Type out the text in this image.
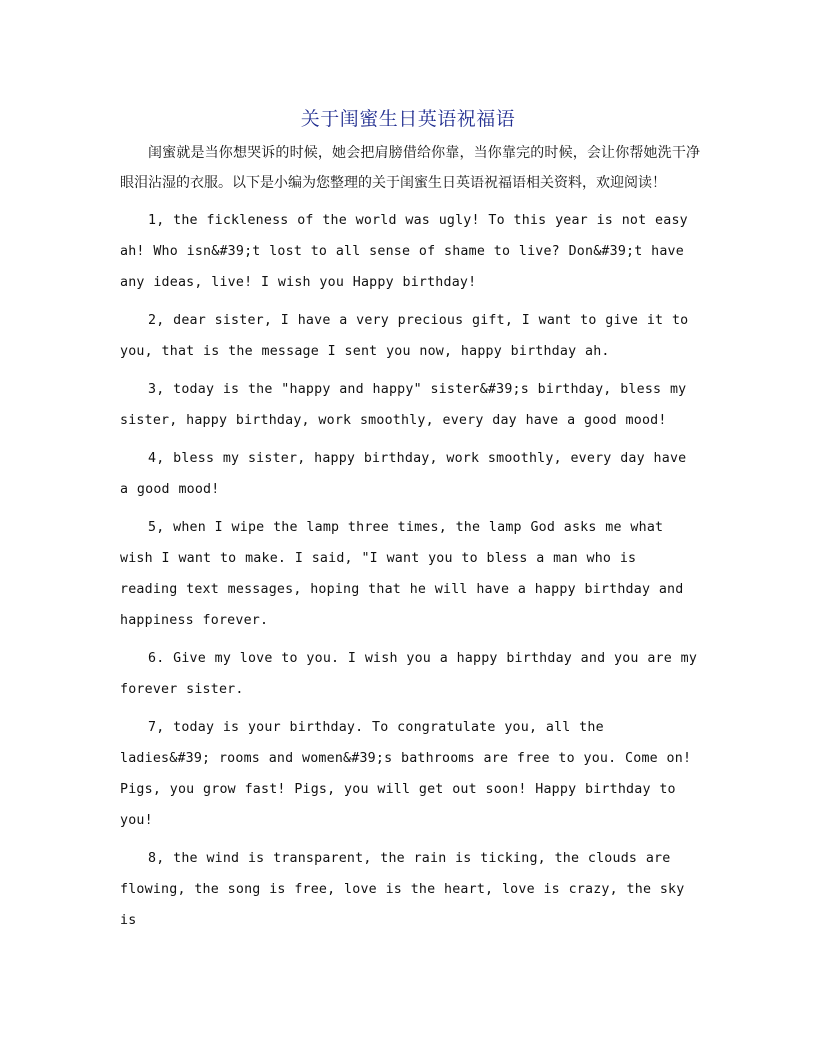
关于闺蜜生日英语祝福语

闺蜜就是当你想哭诉的时候，她会把肩膀借给你靠，当你靠完的时候，会让你帮她洗干净眼泪沾湿的衣服。以下是小编为您整理的关于闺蜜生日英语祝福语相关资料，欢迎阅读！

1, the fickleness of the world was ugly! To this year is not easy ah! Who isn&#39;t lost to all sense of shame to live? Don&#39;t have any ideas, live! I wish you Happy birthday!

2, dear sister, I have a very precious gift, I want to give it to you, that is the message I sent you now, happy birthday ah.

3, today is the "happy and happy" sister&#39;s birthday, bless my sister, happy birthday, work smoothly, every day have a good mood!

4, bless my sister, happy birthday, work smoothly, every day have a good mood!

5, when I wipe the lamp three times, the lamp God asks me what wish I want to make. I said, "I want you to bless a man who is reading text messages, hoping that he will have a happy birthday and happiness forever.

6. Give my love to you. I wish you a happy birthday and you are my forever sister.

7, today is your birthday. To congratulate you, all the ladies&#39; rooms and women&#39;s bathrooms are free to you. Come on! Pigs, you grow fast! Pigs, you will get out soon! Happy birthday to you!

8, the wind is transparent, the rain is ticking, the clouds are flowing, the song is free, love is the heart, love is crazy, the sky is
